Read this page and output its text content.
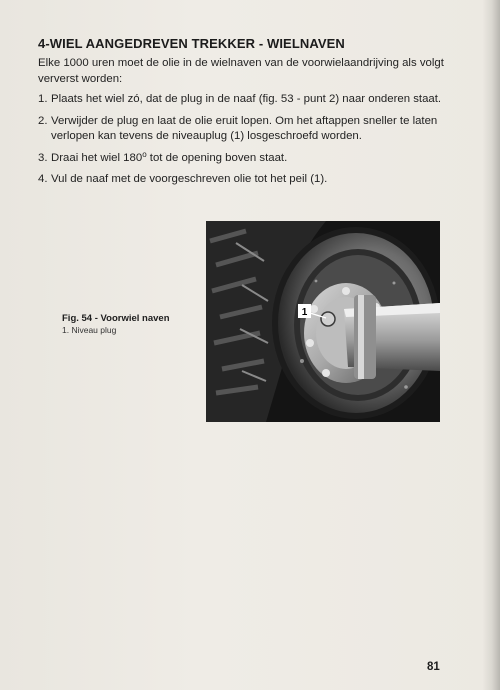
4-WIEL AANGEDREVEN TREKKER - WIELNAVEN

Elke 1000 uren moet de olie in de wielnaven van de voorwielaandrijving als volgt ververst worden:

1. Plaats het wiel zó, dat de plug in de naaf (fig. 53 - punt 2) naar onderen staat.
2. Verwijder de plug en laat de olie eruit lopen. Om het aftappen sneller te laten verlopen kan tevens de niveauplug (1) losgeschroefd worden.
3. Draai het wiel 180$^o$ tot de opening boven staat.
4. Vul de naaf met de voorgeschreven olie tot het peil (1).

Fig. 54 - Voorwiel naven

1. Niveau plug

1
81
